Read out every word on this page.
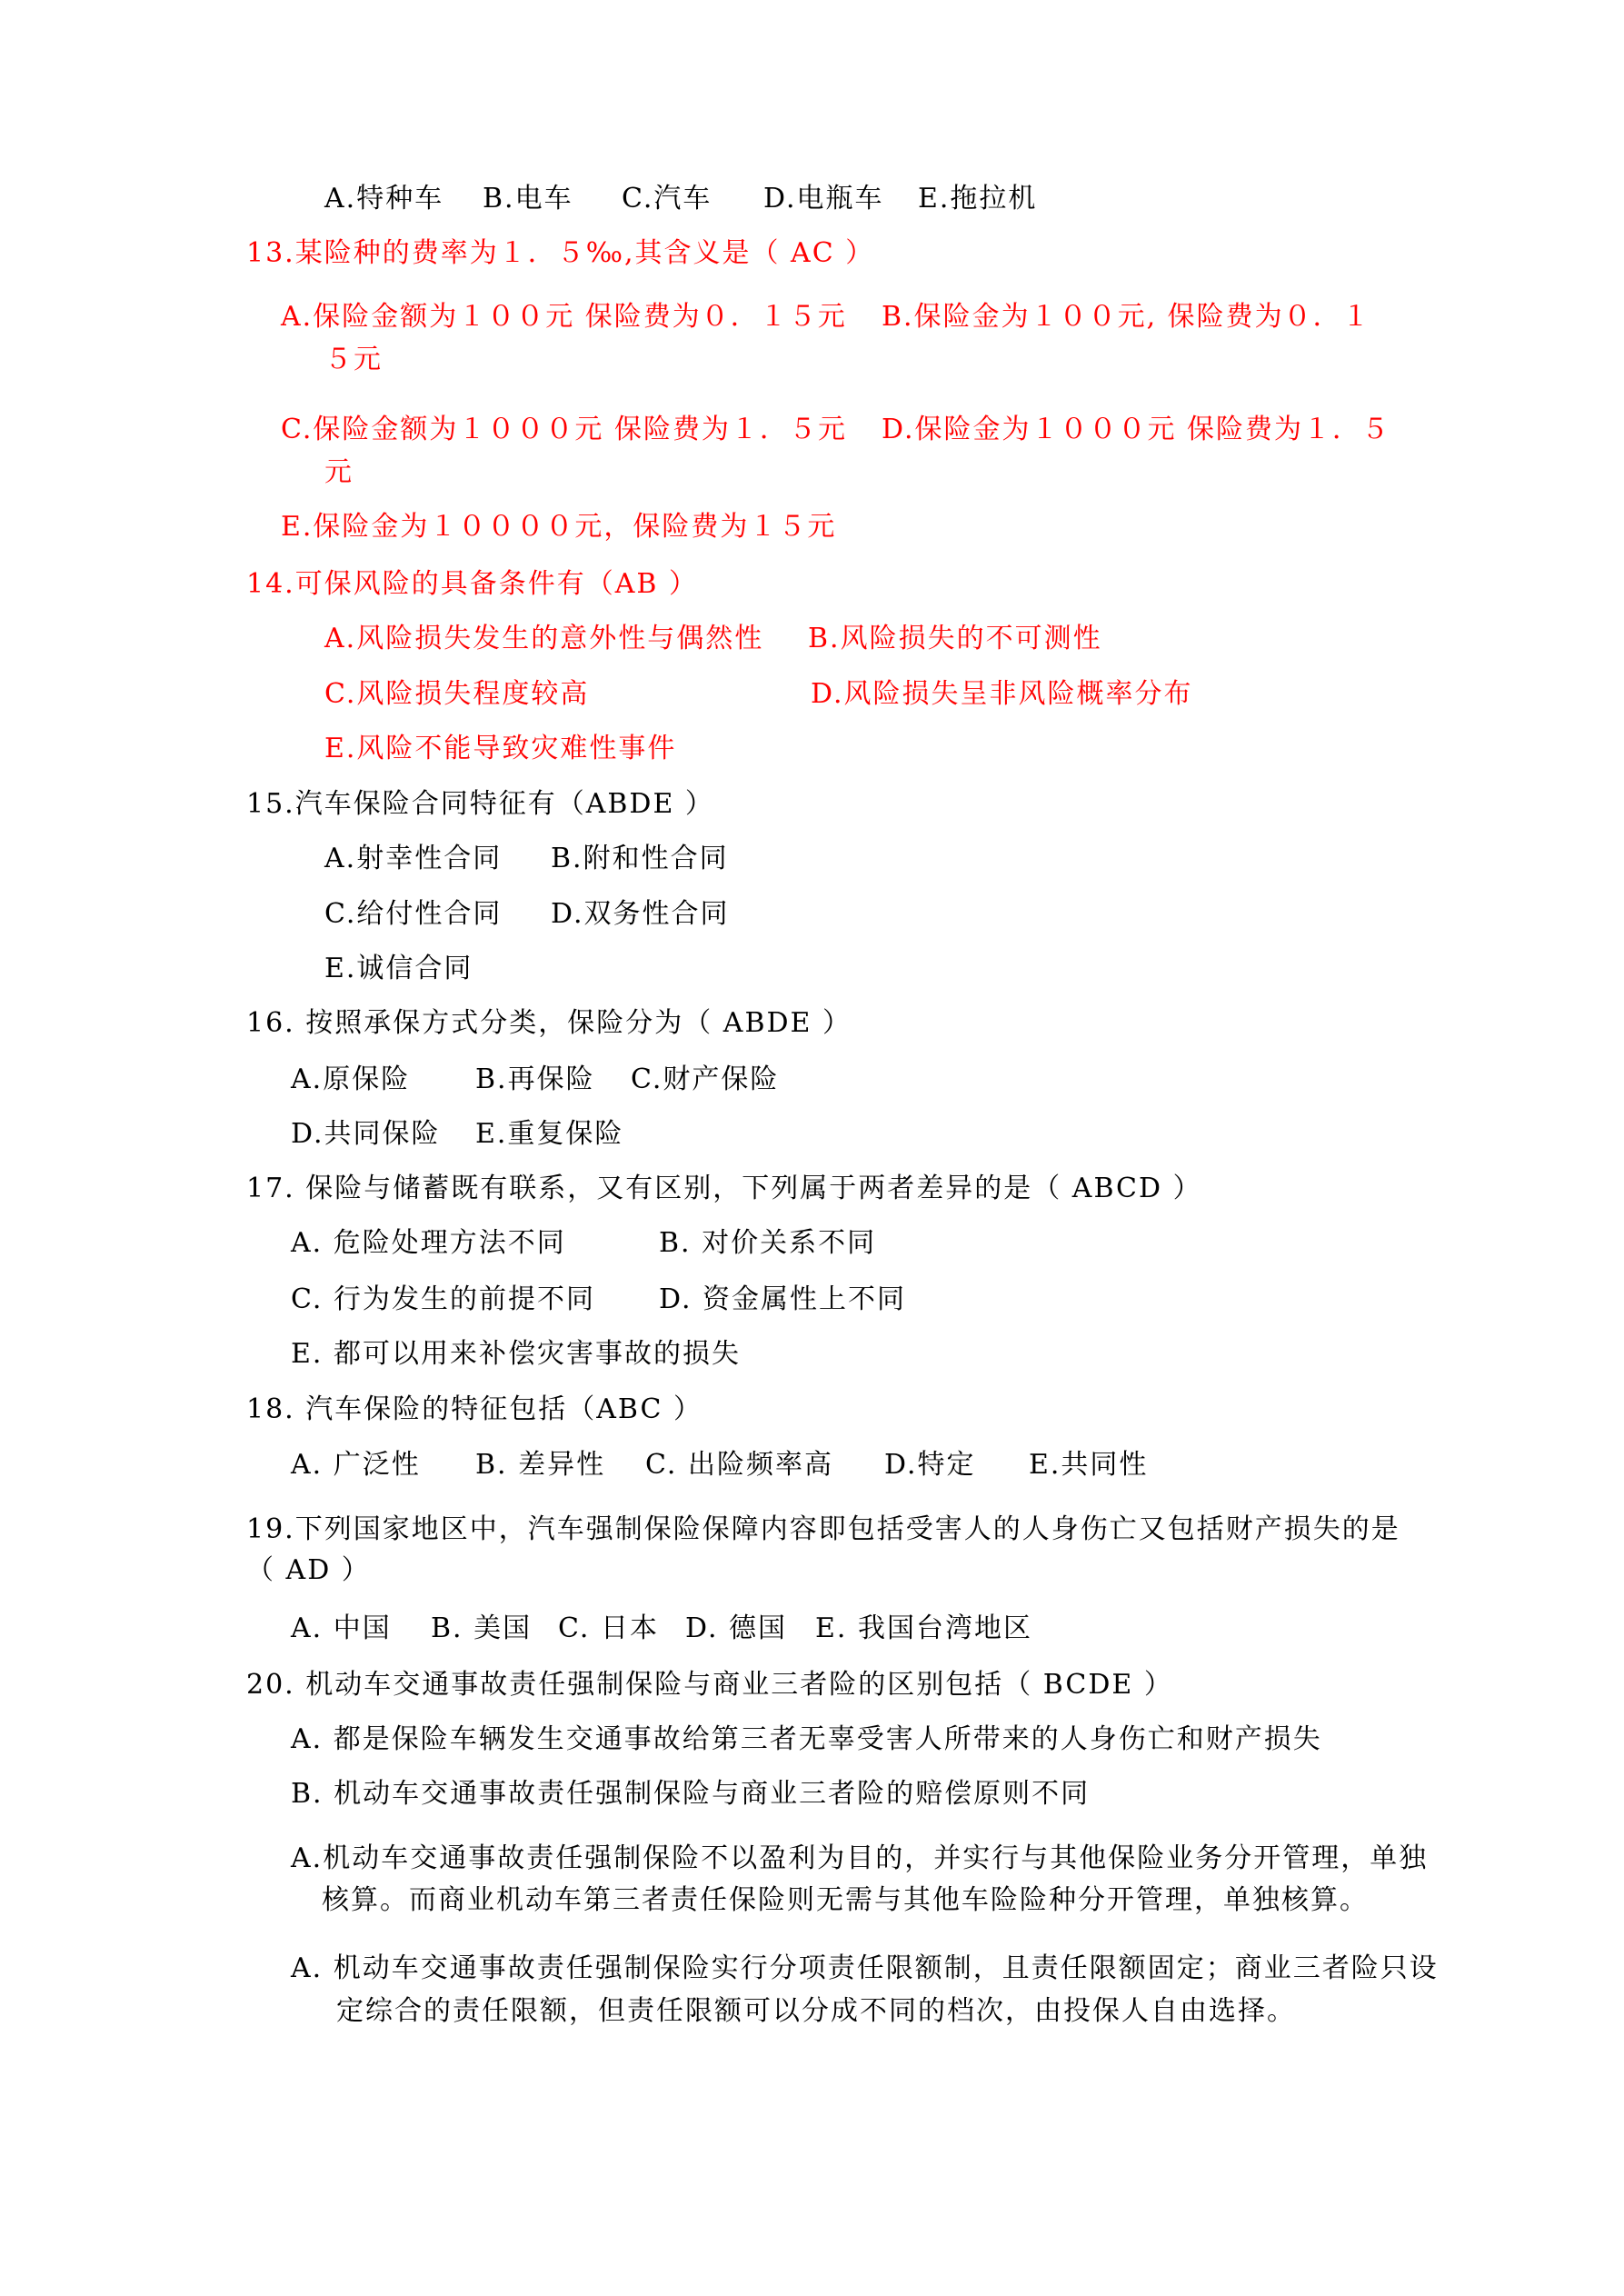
A.特种车 B.电车 C.汽车 D.电瓶车 E.拖拉机

13.某险种的费率为１．５‰,其含义是（ AC ）

A.保险金额为１００元 保险费为０．１５元 B.保险金为１００元, 保险费为０．１

５元

C.保险金额为１０００元 保险费为１．５元 D.保险金为１０００元 保险费为１．５

元

E.保险金为１００００元，保险费为１５元

14.可保风险的具备条件有（AB ）

A.风险损失发生的意外性与偶然性 B.风险损失的不可测性

C.风险损失程度较高	D.风险损失呈非风险概率分布

E.风险不能导致灾难性事件

15.汽车保险合同特征有（ABDE ）

A.射幸性合同 B.附和性合同

C.给付性合同 D.双务性合同

E.诚信合同

16. 按照承保方式分类，保险分为（ ABDE ）

A.原保险 B.再保险 C.财产保险

D.共同保险 E.重复保险

17. 保险与储蓄既有联系，又有区别，下列属于两者差异的是（ ABCD ）

A. 危险处理方法不同	B. 对价关系不同

C. 行为发生的前提不同 D. 资金属性上不同

E. 都可以用来补偿灾害事故的损失

18. 汽车保险的特征包括（ABC ）

A. 广泛性 B. 差异性 C. 出险频率高 D.特定 E.共同性

19.下列国家地区中，汽车强制保险保障内容即包括受害人的人身伤亡又包括财产损失的是

（ AD ）

A. 中国 B. 美国 C. 日本 D. 德国 E. 我国台湾地区

20. 机动车交通事故责任强制保险与商业三者险的区别包括（ BCDE ）

A. 都是保险车辆发生交通事故给第三者无辜受害人所带来的人身伤亡和财产损失

B. 机动车交通事故责任强制保险与商业三者险的赔偿原则不同

A.机动车交通事故责任强制保险不以盈利为目的，并实行与其他保险业务分开管理，单独

核算。而商业机动车第三者责任保险则无需与其他车险险种分开管理，单独核算。

A. 机动车交通事故责任强制保险实行分项责任限额制，且责任限额固定；商业三者险只设

定综合的责任限额，但责任限额可以分成不同的档次，由投保人自由选择。
